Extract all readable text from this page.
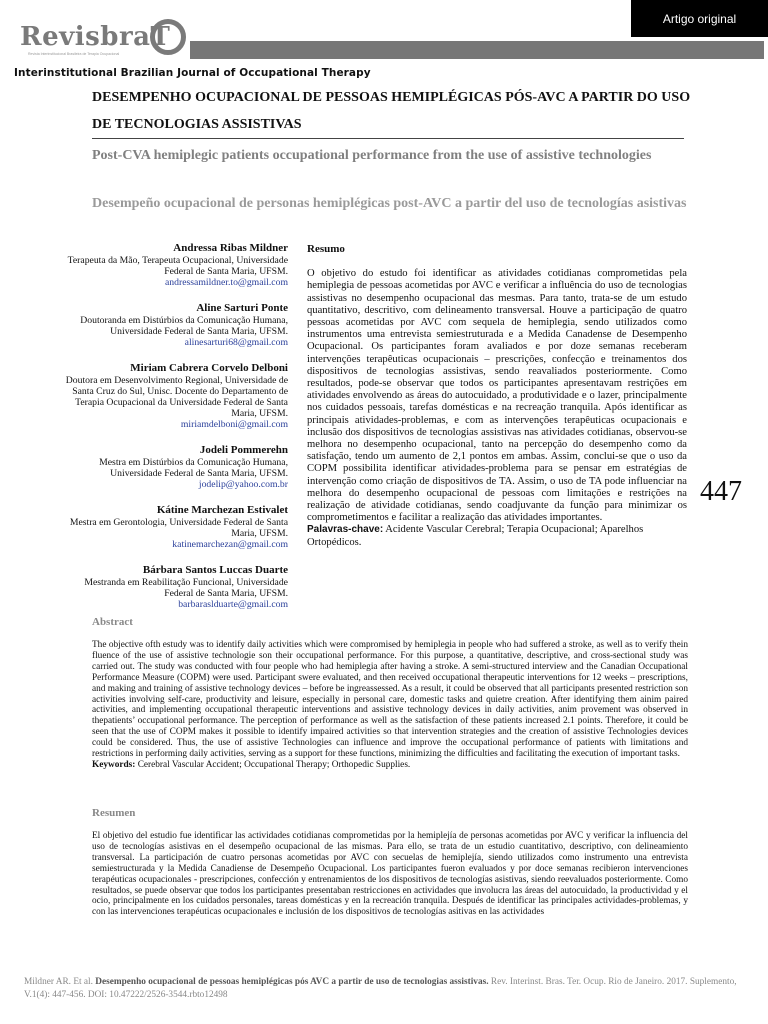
RevisbraT
Revista Interinstitucional Brasileira de Terapia Ocupacional
Artigo original
Interinstitutional Brazilian Journal of Occupational Therapy
DESEMPENHO OCUPACIONAL DE PESSOAS HEMIPLÉGICAS PÓS-AVC A PARTIR DO USO DE TECNOLOGIAS ASSISTIVAS
Post-CVA hemiplegic patients occupational performance from the use of assistive technologies
Desempeño ocupacional de personas hemiplégicas post-AVC a partir del uso de tecnologías asistivas
Andressa Ribas Mildner
Terapeuta da Mão, Terapeuta Ocupacional, Universidade Federal de Santa Maria, UFSM.
andressamildner.to@gmail.com
Aline Sarturi Ponte
Doutoranda em Distúrbios da Comunicação Humana, Universidade Federal de Santa Maria, UFSM.
alinesarturi68@gmail.com
Miriam Cabrera Corvelo Delboni
Doutora em Desenvolvimento Regional, Universidade de Santa Cruz do Sul, Unisc. Docente do Departamento de Terapia Ocupacional da Universidade Federal de Santa Maria, UFSM.
miriamdelboni@gmail.com
Jodeli Pommerehn
Mestra em Distúrbios da Comunicação Humana, Universidade Federal de Santa Maria, UFSM.
jodelip@yahoo.com.br
Kátine Marchezan Estivalet
Mestra em Gerontologia, Universidade Federal de Santa Maria, UFSM.
katinemarchezan@gmail.com
Bárbara Santos Luccas Duarte
Mestranda em Reabilitação Funcional, Universidade Federal de Santa Maria, UFSM.
barbaraslduarte@gmail.com
Resumo
O objetivo do estudo foi identificar as atividades cotidianas comprometidas pela hemiplegia de pessoas acometidas por AVC e verificar a influência do uso de tecnologias assistivas no desempenho ocupacional das mesmas. Para tanto, trata-se de um estudo quantitativo, descritivo, com delineamento transversal. Houve a participação de quatro pessoas acometidas por AVC com sequela de hemiplegia, sendo utilizados como instrumentos uma entrevista semiestruturada e a Medida Canadense de Desempenho Ocupacional. Os participantes foram avaliados e por doze semanas receberam intervenções terapêuticas ocupacionais – prescrições, confecção e treinamentos dos dispositivos de tecnologias assistivas, sendo reavaliados posteriormente. Como resultados, pode-se observar que todos os participantes apresentavam restrições em atividades envolvendo as áreas do autocuidado, a produtividade e o lazer, principalmente nos cuidados pessoais, tarefas domésticas e na recreação tranquila. Após identificar as principais atividades-problemas, e com as intervenções terapêuticas ocupacionais e inclusão dos dispositivos de tecnologias assistivas nas atividades cotidianas, observou-se melhora no desempenho ocupacional, tanto na percepção do desempenho como da satisfação, tendo um aumento de 2,1 pontos em ambas. Assim, conclui-se que o uso da COPM possibilita identificar atividades-problema para se pensar em estratégias de intervenção como criação de dispositivos de TA. Assim, o uso de TA pode influenciar na melhora do desempenho ocupacional de pessoas com limitações e restrições na realização de atividade cotidianas, sendo coadjuvante da função para minimizar os comprometimentos e facilitar a realização das atividades importantes.
Palavras-chave: Acidente Vascular Cerebral; Terapia Ocupacional; Aparelhos Ortopédicos.
447
Abstract
The objective ofth estudy was to identify daily activities which were compromised by hemiplegia in people who had suffered a stroke, as well as to verify thein fluence of the use of assistive technologie son their occupational performance. For this purpose, a quantitative, descriptive, and cross-sectional study was carried out. The study was conducted with four people who had hemiplegia after having a stroke. A semi-structured interview and the Canadian Occupational Performance Measure (COPM) were used. Participant swere evaluated, and then received occupational therapeutic interventions for 12 weeks – prescriptions, and making and training of assistive technology devices – before be ingreassessed. As a result, it could be observed that all participants presented restriction son activities involving self-care, productivity and leisure, especially in personal care, domestic tasks and quietre creation. After identifying them ainim paired activities, and implementing occupational therapeutic interventions and assistive technology devices in daily activities, anim provement was observed in thepatients’ occupational performance. The perception of performance as well as the satisfaction of these patients increased 2.1 points. Therefore, it could be seen that the use of COPM makes it possible to identify impaired activities so that intervention strategies and the creation of assistive Technologies devices could be considered. Thus, the use of assistive Technologies can influence and improve the occupational performance of patients with limitations and restrictions in performing daily activities, serving as a support for these functions, minimizing the difficulties and facilitating the execution of important tasks.
Keywords: Cerebral Vascular Accident; Occupational Therapy; Orthopedic Supplies.
Resumen
El objetivo del estudio fue identificar las actividades cotidianas comprometidas por la hemiplejía de personas acometidas por AVC y verificar la influencia del uso de tecnologías asistivas en el desempeño ocupacional de las mismas. Para ello, se trata de un estudio cuantitativo, descriptivo, con delineamiento transversal. La participación de cuatro personas acometidas por AVC con secuelas de hemiplejía, siendo utilizados como instrumento una entrevista semiestructurada y la Medida Canadiense de Desempeño Ocupacional. Los participantes fueron evaluados y por doce semanas recibieron intervenciones terapéuticas ocupacionales - prescripciones, confección y entrenamientos de los dispositivos de tecnologías asistivas, siendo reevaluados posteriormente. Como resultados, se puede observar que todos los participantes presentaban restricciones en actividades que involucra las áreas del autocuidado, la productividad y el ocio, principalmente en los cuidados personales, tareas domésticas y en la recreación tranquila. Después de identificar las principales actividades-problemas, y con las intervenciones terapéuticas ocupacionales e inclusión de los dispositivos de tecnologías asitivas en las actividades
Mildner AR. Et al. Desempenho ocupacional de pessoas hemiplégicas pós AVC a partir de uso de tecnologias assistivas. Rev. Interinst. Bras. Ter. Ocup. Rio de Janeiro. 2017. Suplemento, V.1(4): 447-456. DOI: 10.47222/2526-3544.rbto12498
